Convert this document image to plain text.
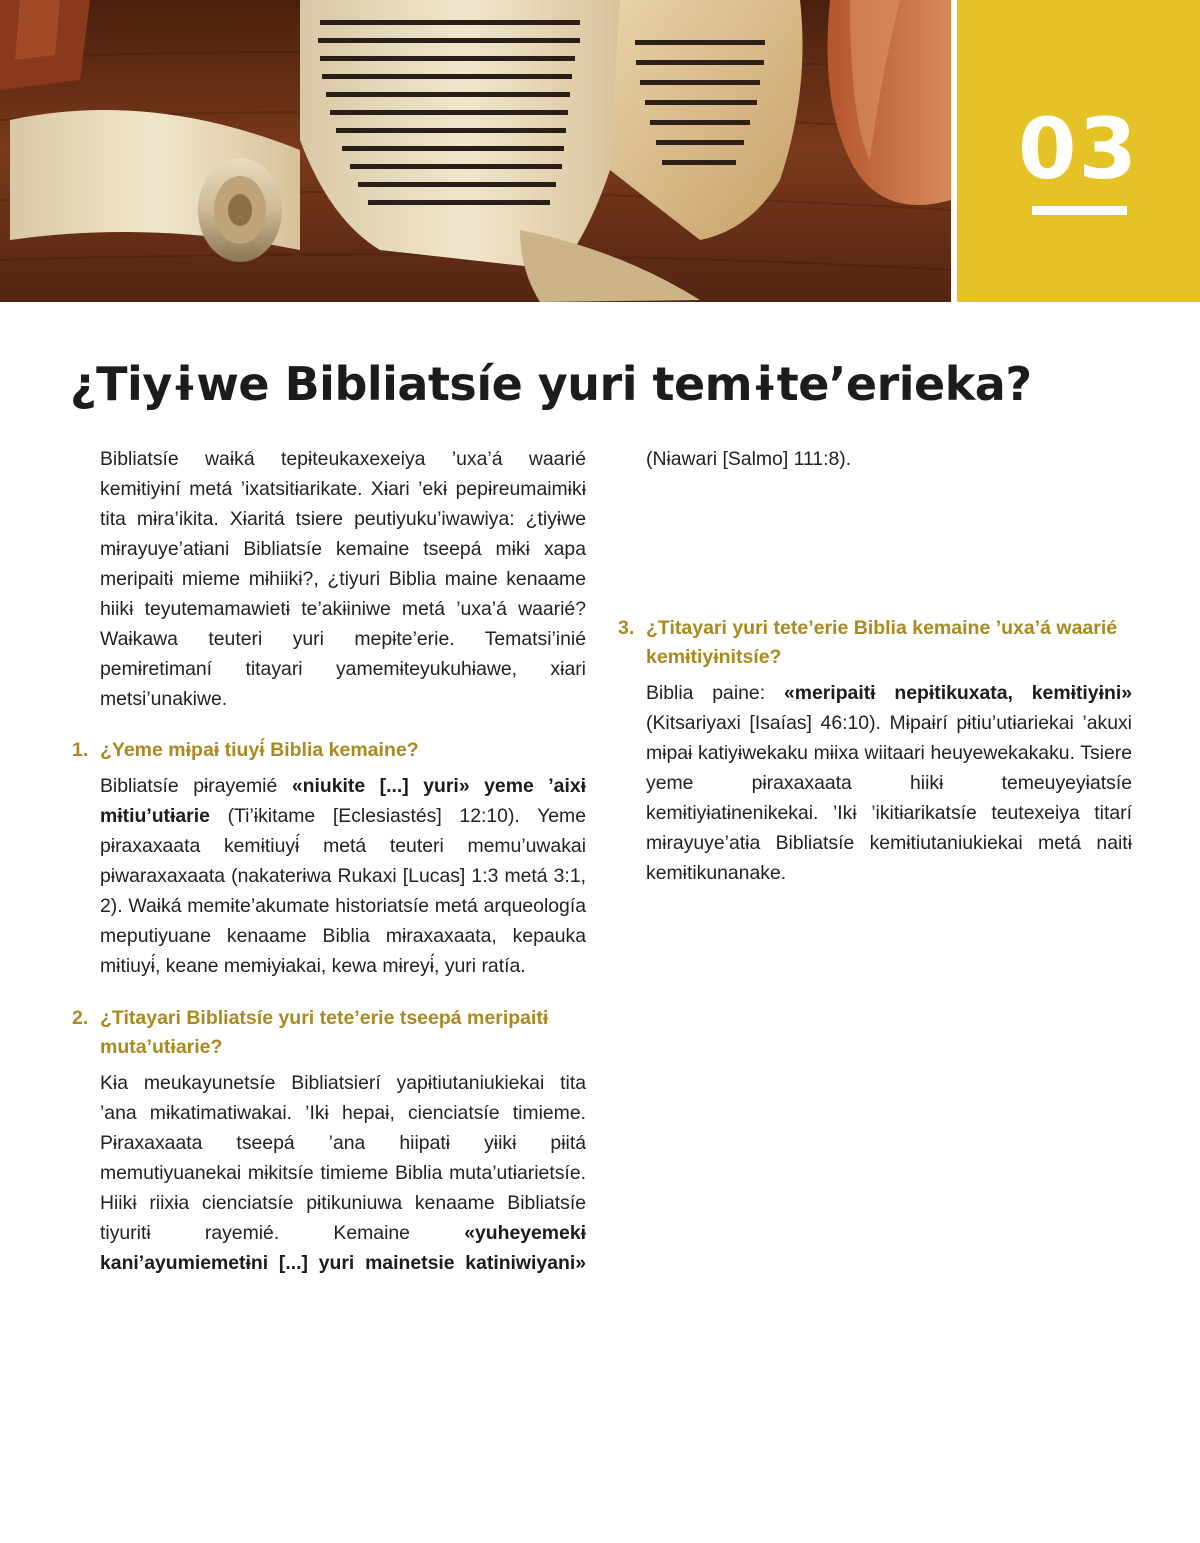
03
¿Tiyɨwe Bibliatsíe yuri temɨte’erieka?

Bibliatsíe waɨká tepɨteukaxexeiya ’uxa’á waarié kemɨtiyɨní metá ’ixatsitɨarikate. Xɨari ’ekɨ pepɨreumaimɨkɨ tita mɨra’ikita. Xɨaritá tsiere peutiyuku’iwawiya: ¿tiyɨwe mɨrayuye’atɨani Bibliatsíe kemaine tseepá mɨkɨ xapa meripaitɨ mieme mɨhiikɨ?, ¿tiyuri Biblia maine kenaame hiikɨ teyutemamawietɨ te’akɨiniwe metá ’uxa’á waarié? Waɨkawa teuteri yuri mepɨte’erie. Tematsi’inié pemɨretimaní titayari yamemɨteyukuhɨawe, xɨari metsi’unakiwe.

1. ¿Yeme mɨpaɨ tiuyɨ́ Biblia kemaine?

Bibliatsíe pɨrayemié «niukite [...] yuri» yeme ’aixɨ mɨtiu’utɨarie (Ti’ɨkitame [Eclesiastés] 12:10). Yeme pɨraxaxaata kemɨtiuyɨ́ metá teuteri memu’uwakai pɨwaraxaxaata (nakaterɨwa Rukaxi [Lucas] 1:3 metá 3:1, 2). Waɨká memɨte’akumate historiatsíe metá arqueología meputiyuane kenaame Biblia mɨraxaxaata, kepauka mɨtiuyɨ́, keane memɨyɨakai, kewa mɨreyɨ́, yuri ratía.

2. ¿Titayari Bibliatsíe yuri tete’erie tseepá meripaitɨ muta’utɨarie?

Kɨa meukayunetsíe Bibliatsierí yapɨtiutaniukiekai tita ’ana mɨkatimatiwakai. ’Ikɨ hepaɨ, cienciatsíe timieme. Pɨraxaxaata tseepá ’ana hiipatɨ yɨikɨ pɨitá memutiyuanekai mɨkitsíe timieme Biblia muta’utɨarietsíe. Hiikɨ riixɨa cienciatsíe pɨtikuniuwa kenaame Bibliatsíe tiyuritɨ rayemié. Kemaine «yuheyemekɨ kani’ayumiemetɨni [...] yuri mainetsie katiniwiyani»

(Nɨawari [Salmo] 111:8).

3. ¿Titayari yuri tete’erie Biblia kemaine ’uxa’á waarié kemɨtiyɨnitsíe?

Biblia paine: «meripaitɨ nepɨtikuxata, kemɨtiyɨni» (Kitsariyaxi [Isaías] 46:10). Mɨpaɨrí pɨtiu’utɨariekai ’akuxi mɨpaɨ katiyɨwekaku mɨixa wiitaari heuyewekakaku. Tsiere yeme pɨraxaxaata hiikɨ temeuyeyɨatsíe kemɨtiyɨatɨnenikekai. ’Ikɨ ’ikitɨarikatsíe teutexeiya titarí mɨrayuye’atɨa Bibliatsíe kemɨtiutaniukiekai metá naitɨ kemɨtikunanake.
